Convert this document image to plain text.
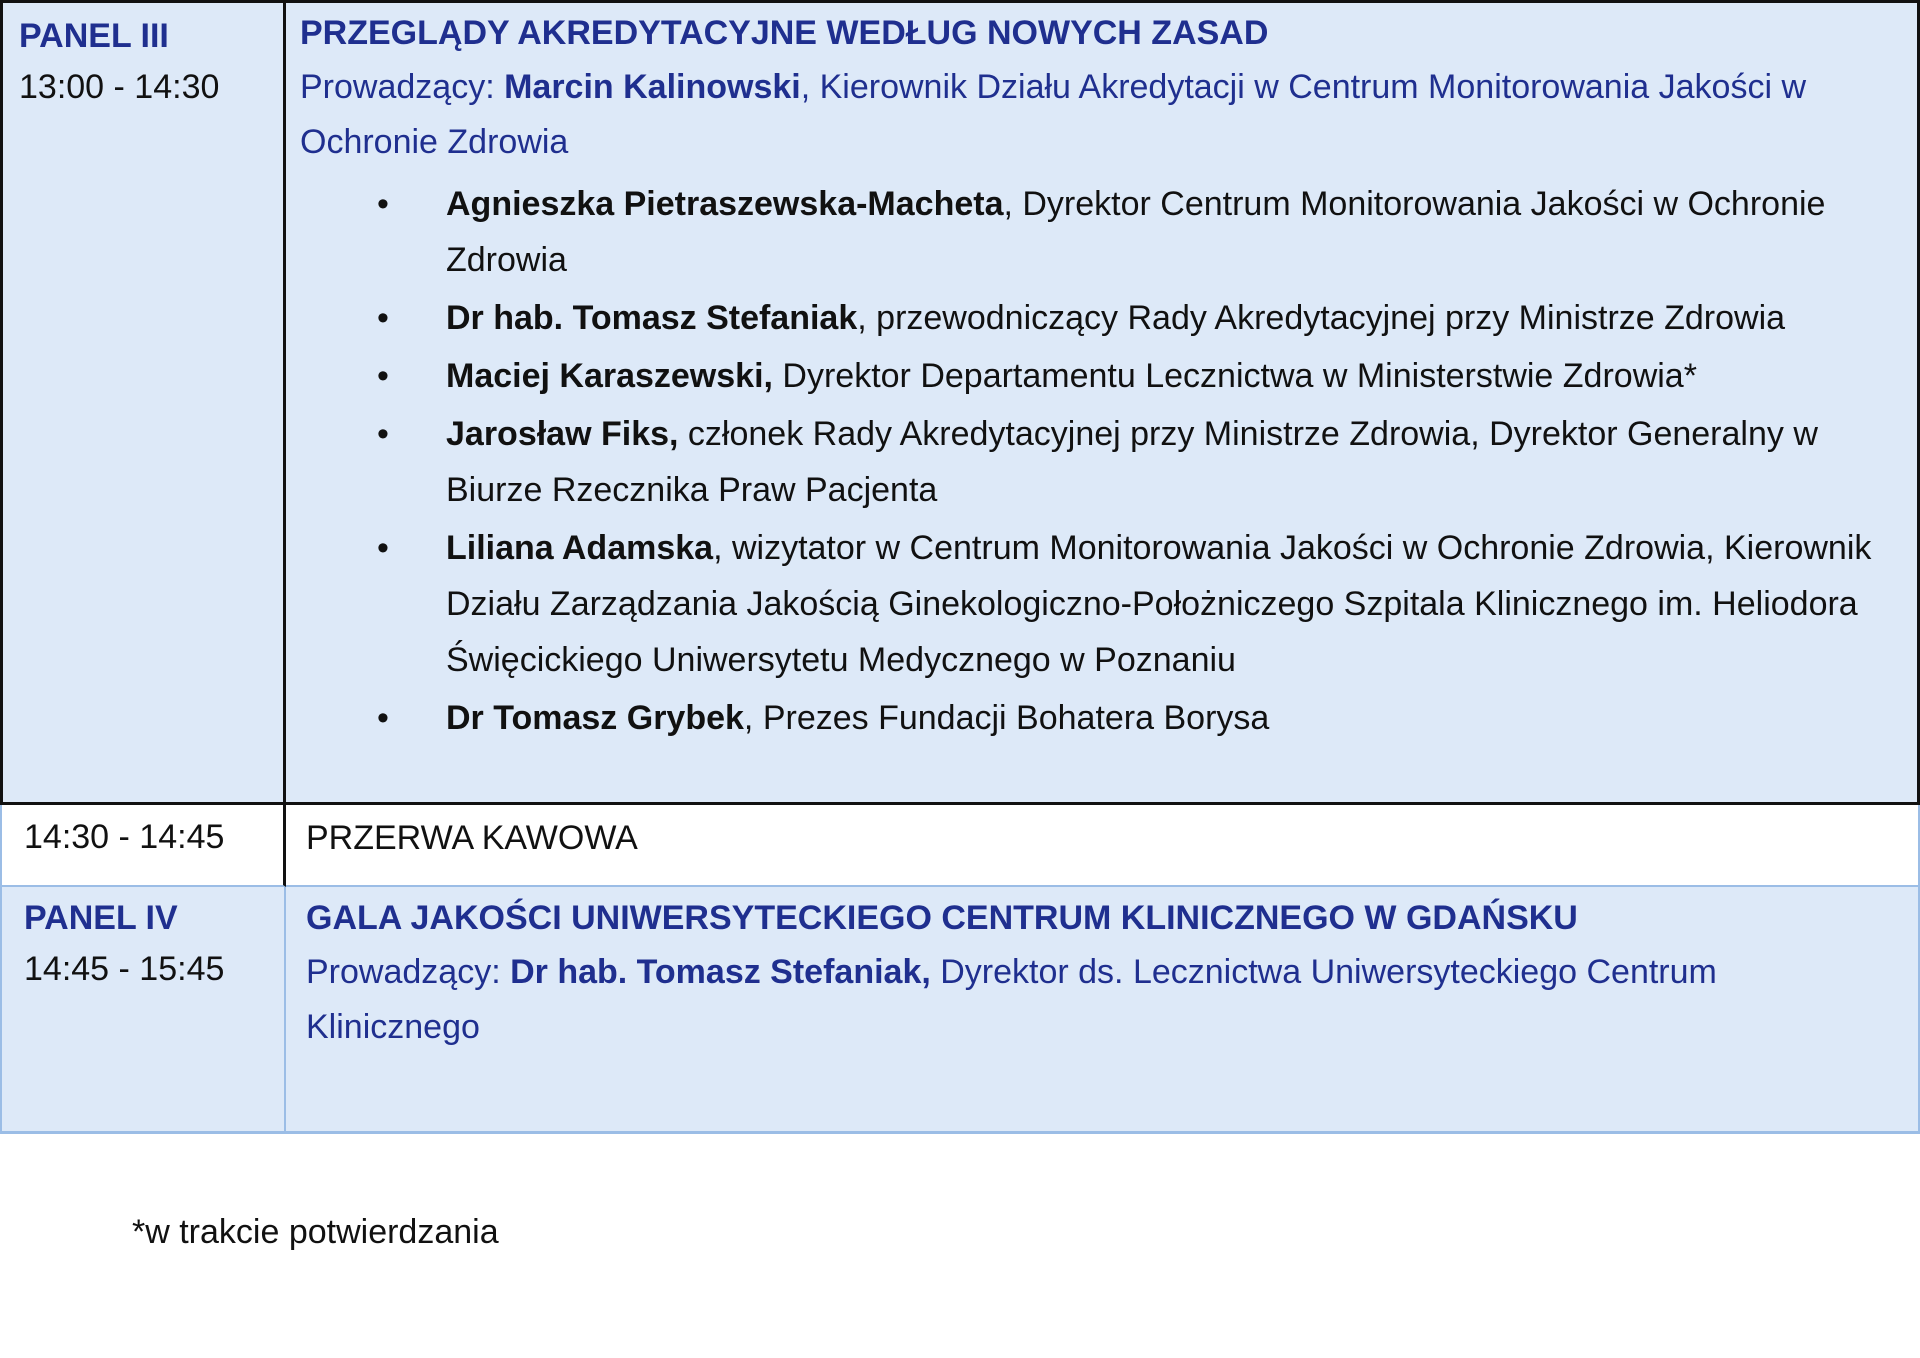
PANEL III
13:00 - 14:30
PRZEGLĄDY AKREDYTACYJNE WEDŁUG NOWYCH ZASAD
Prowadzący: Marcin Kalinowski, Kierownik Działu Akredytacji w Centrum Monitorowania Jakości w Ochronie Zdrowia
• Agnieszka Pietraszewska-Macheta, Dyrektor Centrum Monitorowania Jakości w Ochronie Zdrowia
• Dr hab. Tomasz Stefaniak, przewodniczący Rady Akredytacyjnej przy Ministrze Zdrowia
• Maciej Karaszewski, Dyrektor Departamentu Lecznictwa w Ministerstwie Zdrowia*
• Jarosław Fiks, członek Rady Akredytacyjnej przy Ministrze Zdrowia, Dyrektor Generalny w Biurze Rzecznika Praw Pacjenta
• Liliana Adamska, wizytator w Centrum Monitorowania Jakości w Ochronie Zdrowia, Kierownik Działu Zarządzania Jakością Ginekologiczno-Położniczego Szpitala Klinicznego im. Heliodora Święcickiego Uniwersytetu Medycznego w Poznaniu
• Dr Tomasz Grybek, Prezes Fundacji Bohatera Borysa
14:30 - 14:45	PRZERWA KAWOWA
PANEL IV
14:45 - 15:45
GALA JAKOŚCI UNIWERSYTECKIEGO CENTRUM KLINICZNEGO W GDAŃSKU
Prowadzący: Dr hab. Tomasz Stefaniak, Dyrektor ds. Lecznictwa Uniwersyteckiego Centrum Klinicznego
*w trakcie potwierdzania
